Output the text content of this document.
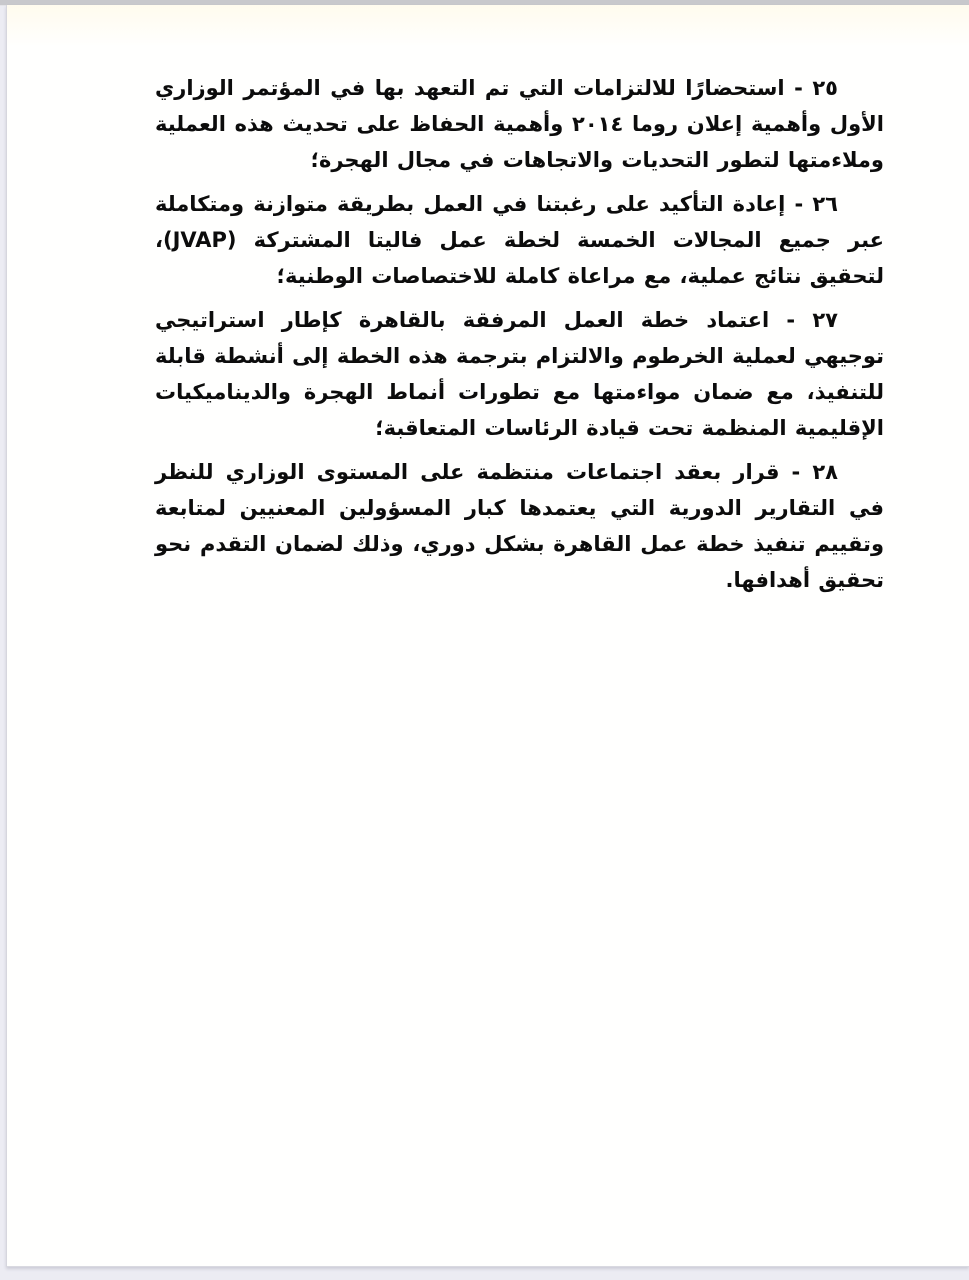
٢٥ - استحضارًا للالتزامات التي تم التعهد بها في المؤتمر الوزاري الأول وأهمية إعلان روما ٢٠١٤ وأهمية الحفاظ على تحديث هذه العملية وملاءمتها لتطور التحديات والاتجاهات في مجال الهجرة؛

٢٦ - إعادة التأكيد على رغبتنا في العمل بطريقة متوازنة ومتكاملة عبر جميع المجالات الخمسة لخطة عمل فاليتا المشتركة (JVAP)، لتحقيق نتائج عملية، مع مراعاة كاملة للاختصاصات الوطنية؛

٢٧ - اعتماد خطة العمل المرفقة بالقاهرة كإطار استراتيجي توجيهي لعملية الخرطوم والالتزام بترجمة هذه الخطة إلى أنشطة قابلة للتنفيذ، مع ضمان مواءمتها مع تطورات أنماط الهجرة والديناميكيات الإقليمية المنظمة تحت قيادة الرئاسات المتعاقبة؛

٢٨ - قرار بعقد اجتماعات منتظمة على المستوى الوزاري للنظر في التقارير الدورية التي يعتمدها كبار المسؤولين المعنيين لمتابعة وتقييم تنفيذ خطة عمل القاهرة بشكل دوري، وذلك لضمان التقدم نحو تحقيق أهدافها.
